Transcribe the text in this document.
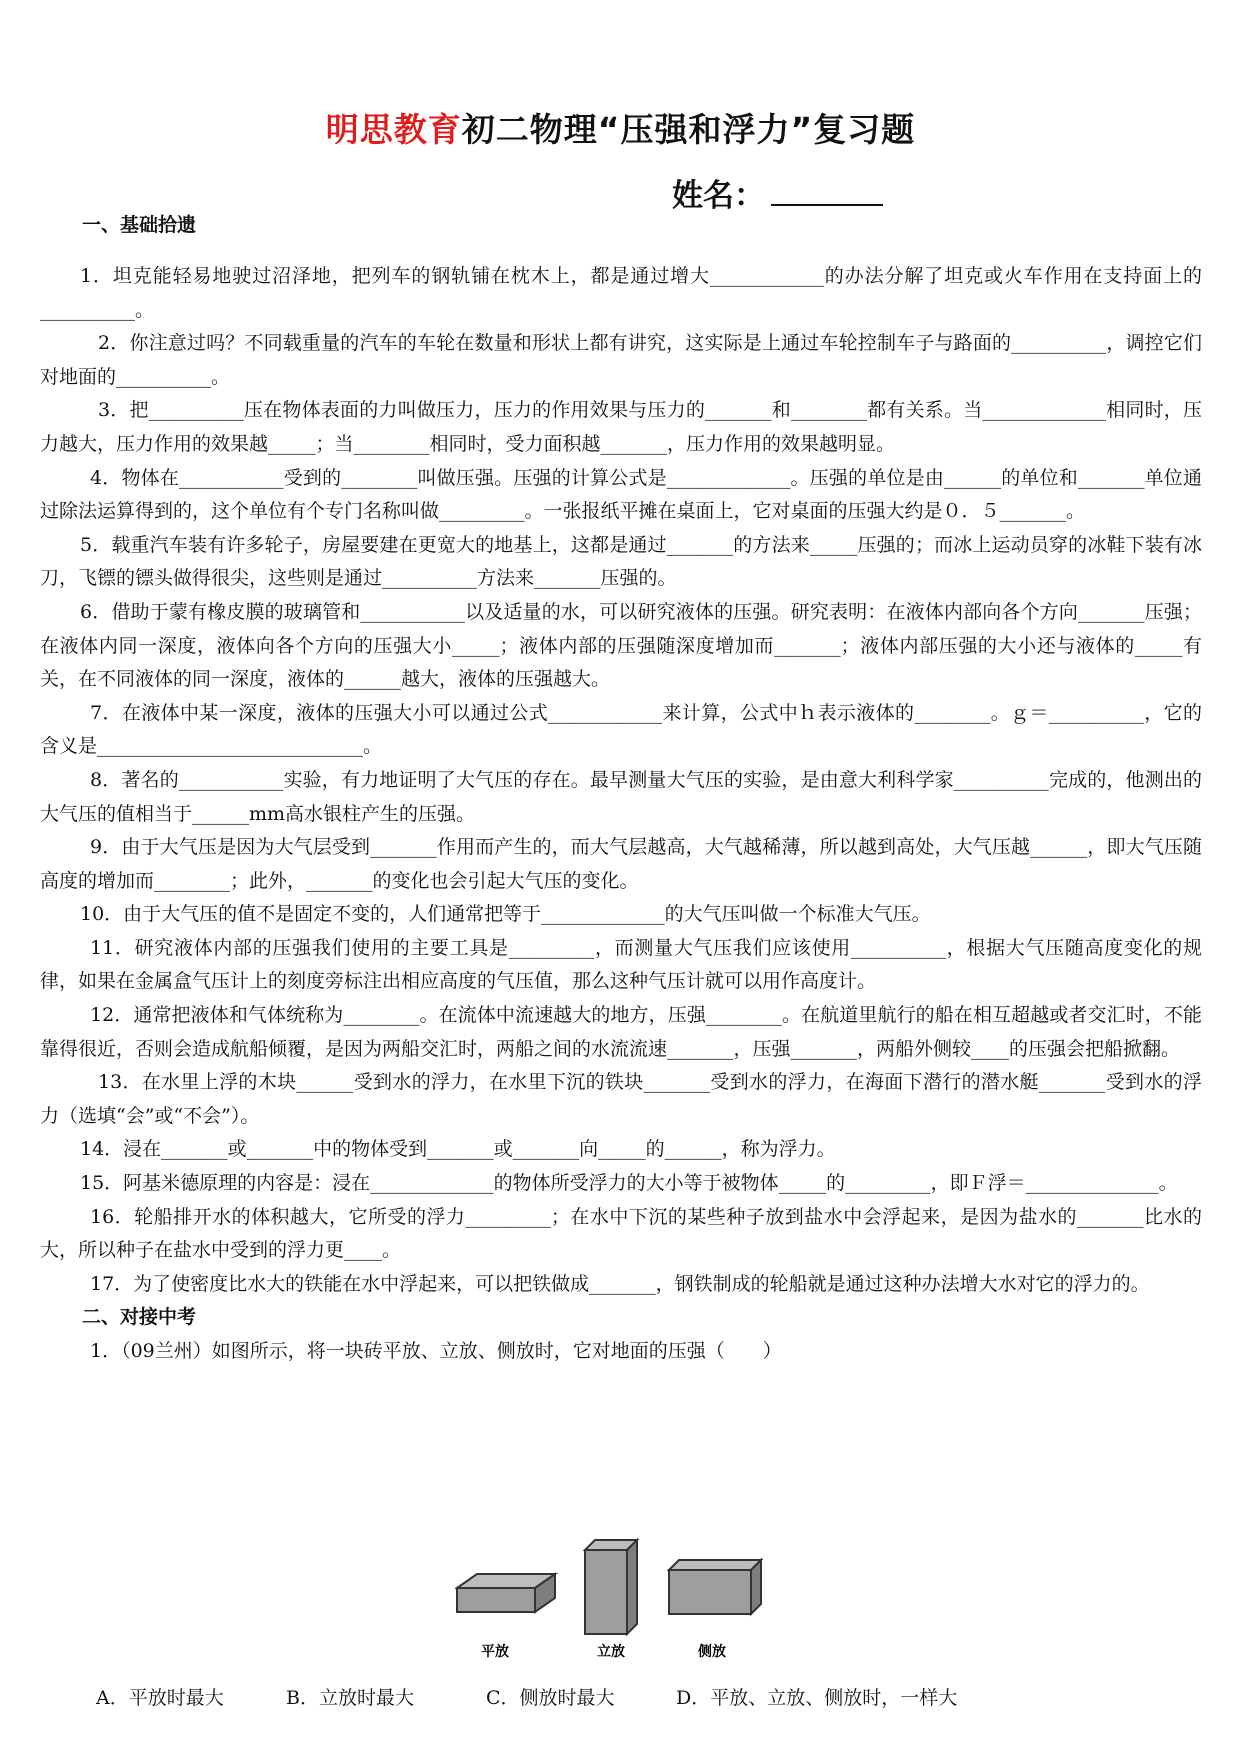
明思教育初二物理“压强和浮力”复习题
姓名：
一、基础拾遗

1．坦克能轻易地驶过沼泽地，把列车的钢轨铺在枕木上，都是通过增大____________的办法分解了坦克或火车作用在支持面上的__________。

2．你注意过吗？不同载重量的汽车的车轮在数量和形状上都有讲究，这实际是上通过车轮控制车子与路面的__________，调控它们对地面的__________。

3．把__________压在物体表面的力叫做压力，压力的作用效果与压力的_______和________都有关系。当_____________相同时，压力越大，压力作用的效果越_____；当________相同时，受力面积越_______，压力作用的效果越明显。

4．物体在___________受到的________叫做压强。压强的计算公式是_____________。压强的单位是由______的单位和_______单位通过除法运算得到的，这个单位有个专门名称叫做_________。一张报纸平摊在桌面上，它对桌面的压强大约是０．５_______。

5．载重汽车装有许多轮子，房屋要建在更宽大的地基上，这都是通过_______的方法来_____压强的；而冰上运动员穿的冰鞋下装有冰刀，飞镖的镖头做得很尖，这些则是通过__________方法来_______压强的。

6．借助于蒙有橡皮膜的玻璃管和___________以及适量的水，可以研究液体的压强。研究表明：在液体内部向各个方向_______压强；在液体内同一深度，液体向各个方向的压强大小_____；液体内部的压强随深度增加而_______；液体内部压强的大小还与液体的_____有关，在不同液体的同一深度，液体的______越大，液体的压强越大。

7．在液体中某一深度，液体的压强大小可以通过公式____________来计算，公式中ｈ表示液体的________。ｇ＝__________，它的含义是____________________________。

8．著名的___________实验，有力地证明了大气压的存在。最早测量大气压的实验，是由意大利科学家__________完成的，他测出的大气压的值相当于______mm高水银柱产生的压强。

9．由于大气压是因为大气层受到_______作用而产生的，而大气层越高，大气越稀薄，所以越到高处，大气压越______，即大气压随高度的增加而________；此外，_______的变化也会引起大气压的变化。

10．由于大气压的值不是固定不变的，人们通常把等于_____________的大气压叫做一个标准大气压。

11．研究液体内部的压强我们使用的主要工具是_________，而测量大气压我们应该使用__________，根据大气压随高度变化的规律，如果在金属盒气压计上的刻度旁标注出相应高度的气压值，那么这种气压计就可以用作高度计。

12．通常把液体和气体统称为________。在流体中流速越大的地方，压强________。在航道里航行的船在相互超越或者交汇时，不能靠得很近，否则会造成航船倾覆，是因为两船交汇时，两船之间的水流流速_______，压强_______，两船外侧较____的压强会把船掀翻。

13．在水里上浮的木块______受到水的浮力，在水里下沉的铁块_______受到水的浮力，在海面下潜行的潜水艇_______受到水的浮力（选填“会”或“不会”）。

14．浸在_______或_______中的物体受到_______或_______向_____的______，称为浮力。

15．阿基米德原理的内容是：浸在_____________的物体所受浮力的大小等于被物体_____的_________，即Ｆ浮＝______________。

16．轮船排开水的体积越大，它所受的浮力_________；在水中下沉的某些种子放到盐水中会浮起来，是因为盐水的_______比水的大，所以种子在盐水中受到的浮力更____。

17．为了使密度比水大的铁能在水中浮起来，可以把铁做成_______，钢铁制成的轮船就是通过这种办法增大水对它的浮力的。

二、对接中考

1．（09兰州）如图所示，将一块砖平放、立放、侧放时，它对地面的压强（　　）

平放	立放	侧放
A．平放时最大	B．立放时最大	C．侧放时最大	D．平放、立放、侧放时，一样大
